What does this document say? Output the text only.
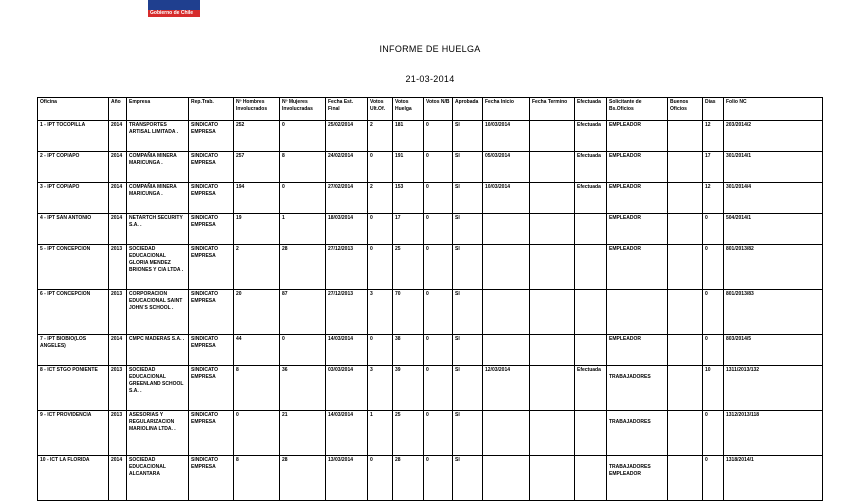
Gobierno de Chile
INFORME DE HUELGA
21-03-2014
Oficina	Año	Empresa	Rep.Trab.	Nº Hombres Involucrados	Nº Mujeres Involucradas	Fecha Est. Final	Votos Ult.Of.	Votos Huelga	Votos N/B	Aprobada	Fecha Inicio	Fecha Termino	Efectuada	Solicitante de Bs.Oficios	Buenos Oficios	Días	Folio NC
1 - IPT TOCOPILLA	2014	TRANSPORTES ARTISAL LIMITADA .	SINDICATO EMPRESA	252	0	25/02/2014	2	181	0	SI	10/03/2014		Efectuada	EMPLEADOR		12	203/2014/2
2 - IPT COPIAPO	2014	COMPAÑIA MINERA MARICUNGA .	SINDICATO EMPRESA	257	8	24/02/2014	0	191	0	SI	05/03/2014		Efectuada	EMPLEADOR		17	301/2014/1
3 - IPT COPIAPO	2014	COMPAÑIA MINERA MARICUNGA .	SINDICATO EMPRESA	194	0	27/02/2014	2	153	0	SI	10/03/2014		Efectuada	EMPLEADOR		12	301/2014/4
4 - IPT SAN ANTONIO	2014	NETARTCH SECURITY S.A. .	SINDICATO EMPRESA	19	1	18/03/2014	0	17	0	SI				EMPLEADOR		0	504/2014/1
5 - IPT CONCEPCION	2013	SOCIEDAD EDUCACIONAL GLORIA MENDEZ BRIONES Y CIA LTDA .	SINDICATO EMPRESA	2	28	27/12/2013	0	25	0	SI				EMPLEADOR		0	801/2013/82
6 - IPT CONCEPCION	2013	CORPORACION EDUCACIONAL SAINT JOHN`S SCHOOL .	SINDICATO EMPRESA	20	87	27/12/2013	3	70	0	SI						0	801/2013/83
7 - IPT BIOBIO(LOS ANGELES)	2014	CMPC MADERAS S.A. .	SINDICATO EMPRESA	44	0	14/03/2014	0	38	0	SI				EMPLEADOR		0	803/2014/5
8 - ICT STGO PONIENTE	2013	SOCIEDAD EDUCACIONAL GREENLAND SCHOOL S.A. .	SINDICATO EMPRESA	8	36	03/03/2014	3	39	0	SI	12/03/2014		Efectuada	TRABAJADORES		10	1311/2013/132
9 - ICT PROVIDENCIA	2013	ASESORIAS Y REGULARIZACION MARIOLINA LTDA. .	SINDICATO EMPRESA	0	21	14/03/2014	1	25	0	SI				TRABAJADORES		0	1312/2013/118
10 - ICT LA FLORIDA	2014	SOCIEDAD EDUCACIONAL ALCANTARA	SINDICATO EMPRESA	8	28	13/03/2014	0	28	0	SI				TRABAJADORES EMPLEADOR		0	1318/2014/1
